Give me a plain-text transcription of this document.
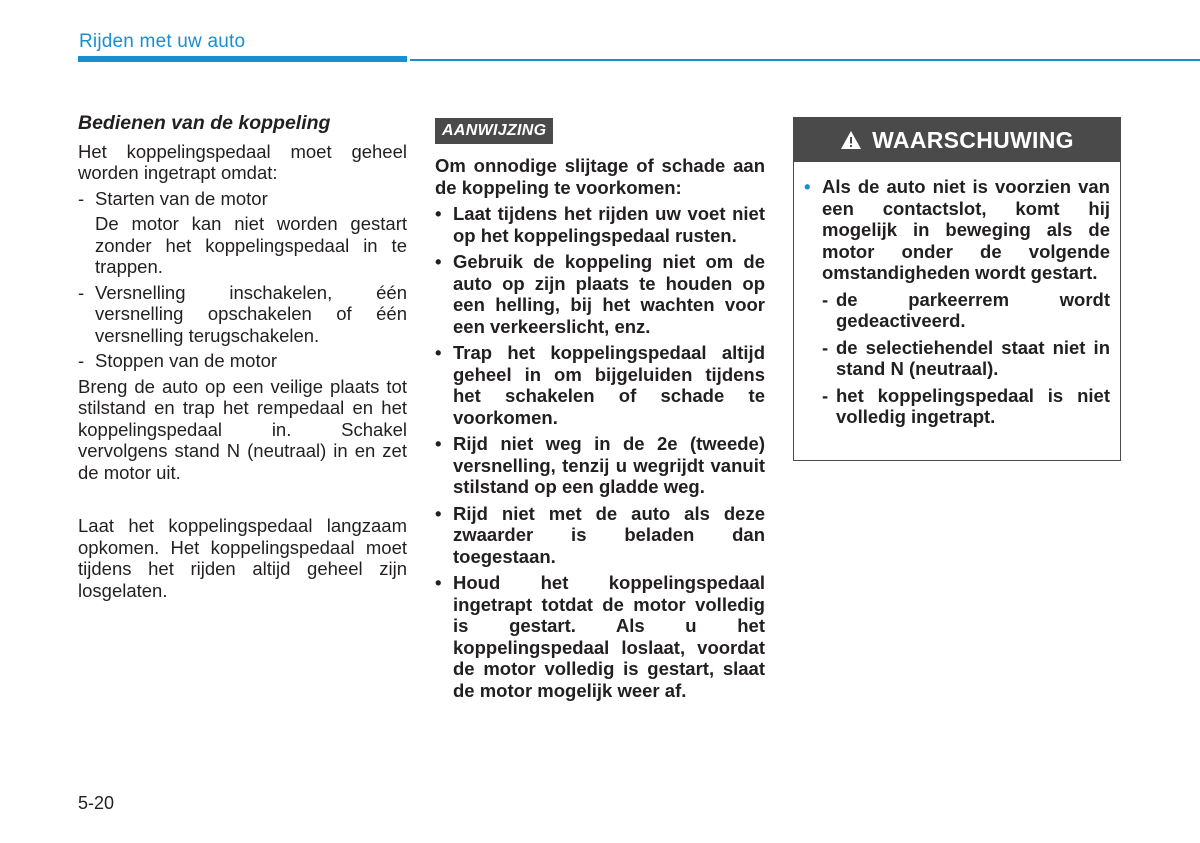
Rijden met uw auto
Bedienen van de koppeling
Het koppelingspedaal moet geheel worden ingetrapt omdat:
- Starten van de motor
De motor kan niet worden gestart zonder het koppelingspedaal in te trappen.
- Versnelling inschakelen, één versnelling opschakelen of één versnelling terugschakelen.
- Stoppen van de motor
Breng de auto op een veilige plaats tot stilstand en trap het rempedaal en het koppelingspedaal in. Schakel vervolgens stand N (neutraal) in en zet de motor uit.
Laat het koppelingspedaal langzaam opkomen. Het koppelingspedaal moet tijdens het rijden altijd geheel zijn losgelaten.
AANWIJZING
Om onnodige slijtage of schade aan de koppeling te voorkomen:
• Laat tijdens het rijden uw voet niet op het koppelingspedaal rusten.
• Gebruik de koppeling niet om de auto op zijn plaats te houden op een helling, bij het wachten voor een verkeerslicht, enz.
• Trap het koppelingspedaal altijd geheel in om bijgeluiden tijdens het schakelen of schade te voorkomen.
• Rijd niet weg in de 2e (tweede) versnelling, tenzij u wegrijdt vanuit stilstand op een gladde weg.
• Rijd niet met de auto als deze zwaarder is beladen dan toegestaan.
• Houd het koppelingspedaal ingetrapt totdat de motor volledig is gestart. Als u het koppelingspedaal loslaat, voordat de motor volledig is gestart, slaat de motor mogelijk weer af.
WAARSCHUWING
• Als de auto niet is voorzien van een contactslot, komt hij mogelijk in beweging als de motor onder de volgende omstandigheden wordt gestart.
- de parkeerrem wordt gedeactiveerd.
- de selectiehendel staat niet in stand N (neutraal).
- het koppelingspedaal is niet volledig ingetrapt.
5-20
